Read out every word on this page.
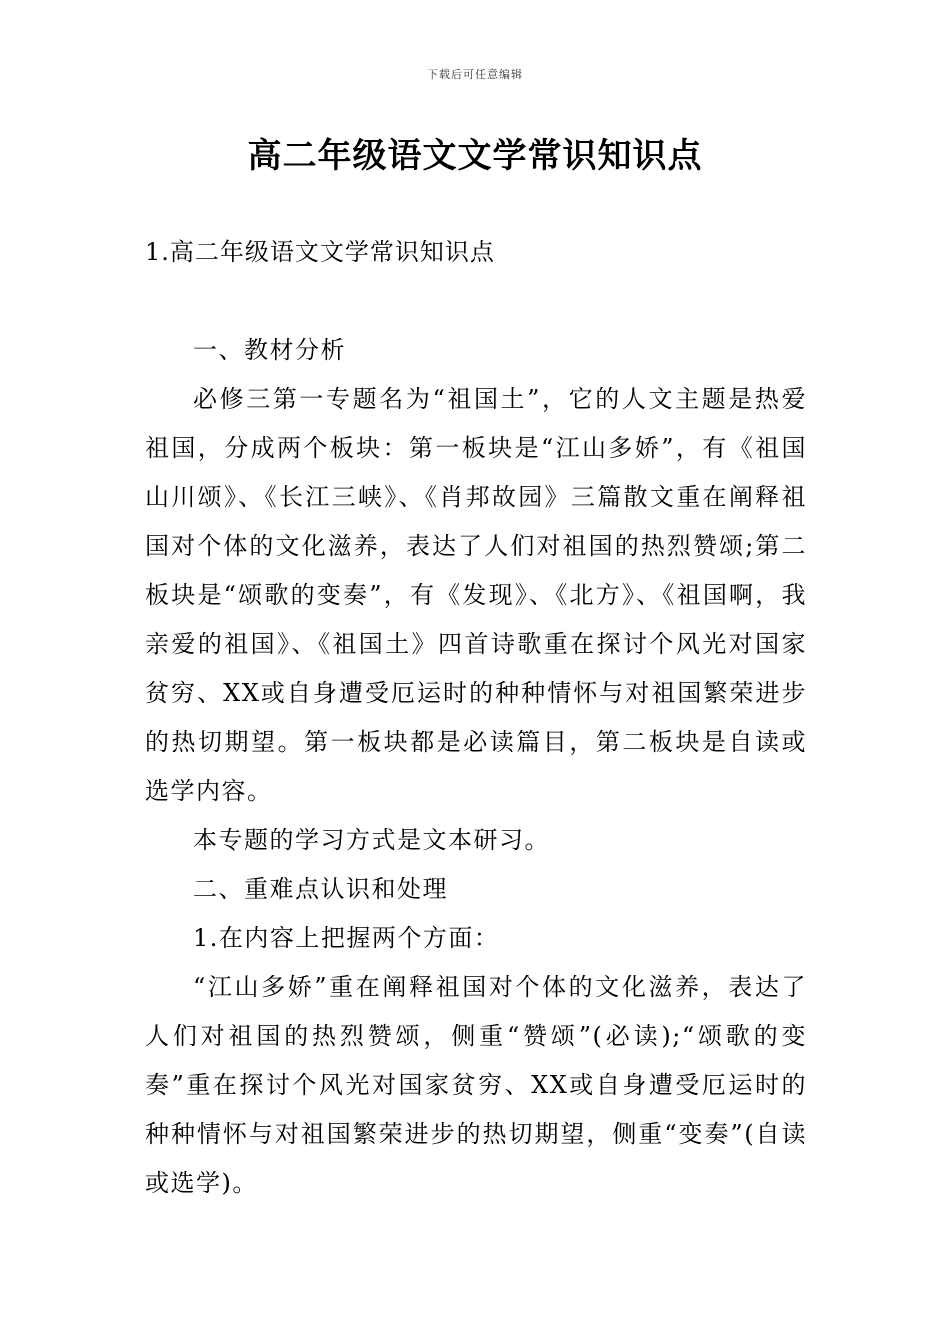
下载后可任意编辑
高二年级语文文学常识知识点
1.高二年级语文文学常识知识点

一、教材分析

必修三第一专题名为“祖国土”，它的人文主题是热爱祖国，分成两个板块：第一板块是“江山多娇”，有《祖国山川颂》、《长江三峡》、《肖邦故园》三篇散文重在阐释祖国对个体的文化滋养，表达了人们对祖国的热烈赞颂;第二板块是“颂歌的变奏”，有《发现》、《北方》、《祖国啊，我亲爱的祖国》、《祖国土》四首诗歌重在探讨个风光对国家贫穷、XX或自身遭受厄运时的种种情怀与对祖国繁荣进步的热切期望。第一板块都是必读篇目，第二板块是自读或选学内容。

本专题的学习方式是文本研习。

二、重难点认识和处理

1.在内容上把握两个方面：

“江山多娇”重在阐释祖国对个体的文化滋养，表达了人们对祖国的热烈赞颂，侧重“赞颂”(必读);“颂歌的变奏”重在探讨个风光对国家贫穷、XX或自身遭受厄运时的种种情怀与对祖国繁荣进步的热切期望，侧重“变奏”(自读或选学)。
